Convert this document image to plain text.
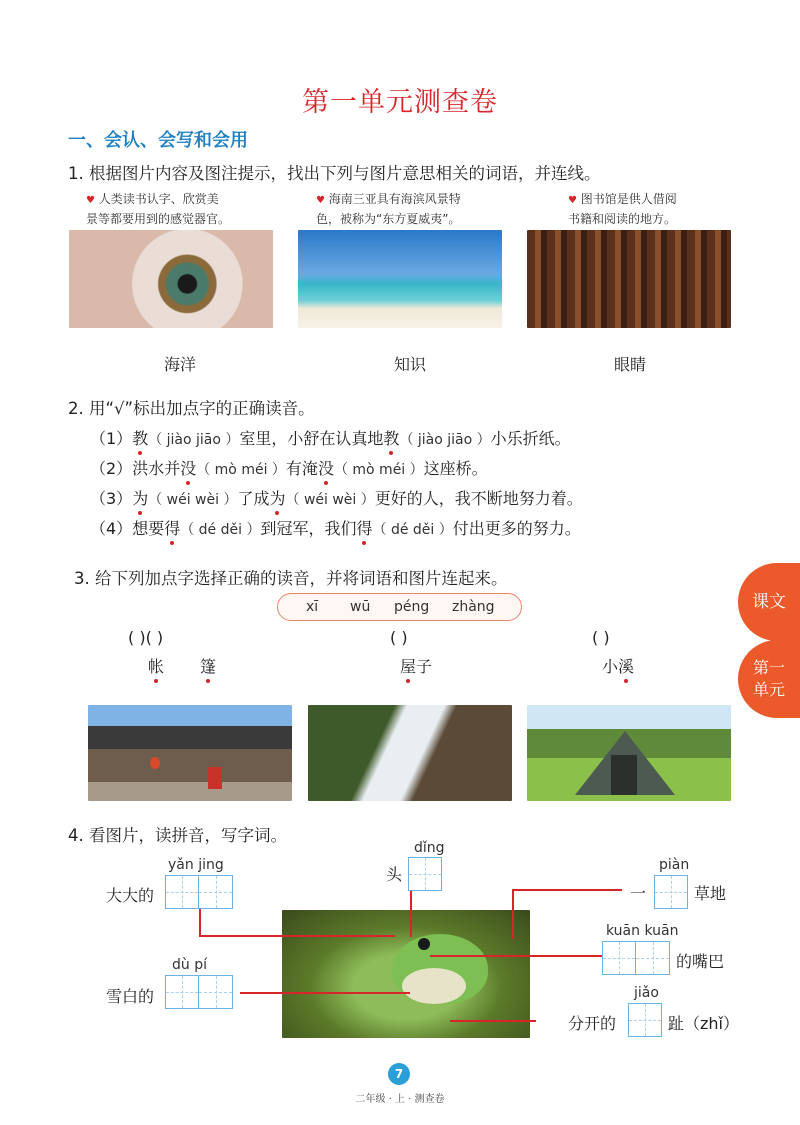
第一单元测查卷
一、会认、会写和会用
1. 根据图片内容及图注提示，找出下列与图片意思相关的词语，并连线。
♥ 人类读书认字、欣赏美
景等都要用到的感觉器官。
♥ 海南三亚具有海滨风景特
色，被称为“东方夏威夷”。
♥ 图书馆是供人借阅
书籍和阅读的地方。
海洋	知识	眼睛
2. 用“√”标出加点字的正确读音。
（1）教（ jiào jiāo ）室里，小舒在认真地教（ jiào jiāo ）小乐折纸。
（2）洪水并没（ mò méi ）有淹没（ mò méi ）这座桥。
（3）为（ wéi wèi ）了成为（ wéi wèi ）更好的人，我不断地努力着。
（4）想要得（ dé děi ）到冠军，我们得（ dé děi ）付出更多的努力。
3. 给下列加点字选择正确的读音，并将词语和图片连起来。
xī wū péng zhàng
( )( )	( )	( )
帐 篷	屋子	小溪
课文
第一单元
4. 看图片，读拼音，写字词。
yǎn jing
大大的
dǐng
头	piàn
一	草地
kuān kuān
的嘴巴
dù pí
雪白的	jiǎo
分开的	趾（zhǐ）
7
二年级 · 上 · 测查卷
